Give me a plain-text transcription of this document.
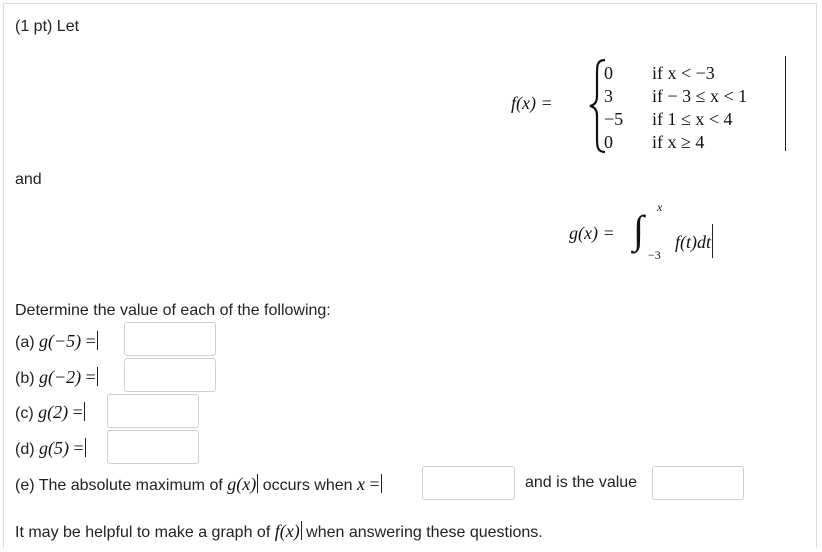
(1 pt) Let
f(x) =
0
3
−5
0
if x < −3
if − 3 ≤ x < 1
if 1 ≤ x < 4
if x ≥ 4
and
g(x) = ∫ x
−3
f(t)dt
Determine the value of each of the following:
(a) g(−5) =
(b) g(−2) =
(c) g(2) =
(d) g(5) =
(e) The absolute maximum of g(x) occurs when x =	and is the value
It may be helpful to make a graph of f(x) when answering these questions.
